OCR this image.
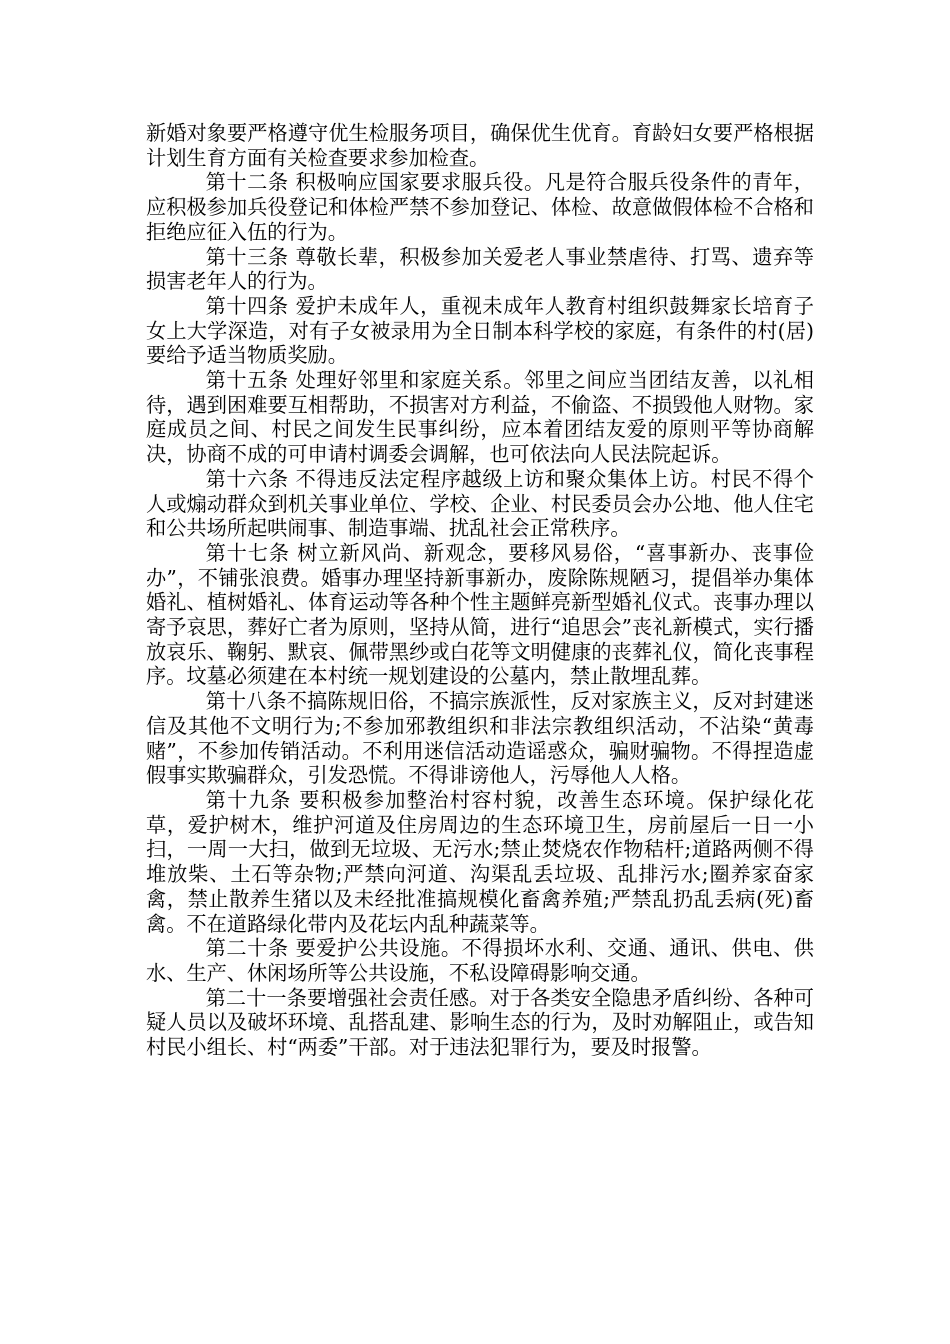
新婚对象要严格遵守优生检服务项目，确保优生优育。育龄妇女要严格根据计划生育方面有关检查要求参加检查。

第十二条 积极响应国家要求服兵役。凡是符合服兵役条件的青年，应积极参加兵役登记和体检严禁不参加登记、体检、故意做假体检不合格和拒绝应征入伍的行为。

第十三条 尊敬长辈，积极参加关爱老人事业禁虐待、打骂、遗弃等损害老年人的行为。

第十四条 爱护未成年人，重视未成年人教育村组织鼓舞家长培育子女上大学深造，对有子女被录用为全日制本科学校的家庭，有条件的村(居)要给予适当物质奖励。

第十五条 处理好邻里和家庭关系。邻里之间应当团结友善，以礼相待，遇到困难要互相帮助，不损害对方利益，不偷盗、不损毁他人财物。家庭成员之间、村民之间发生民事纠纷，应本着团结友爱的原则平等协商解决，协商不成的可申请村调委会调解，也可依法向人民法院起诉。

第十六条 不得违反法定程序越级上访和聚众集体上访。村民不得个人或煽动群众到机关事业单位、学校、企业、村民委员会办公地、他人住宅和公共场所起哄闹事、制造事端、扰乱社会正常秩序。

第十七条 树立新风尚、新观念，要移风易俗，“喜事新办、丧事俭办”，不铺张浪费。婚事办理坚持新事新办，废除陈规陋习，提倡举办集体婚礼、植树婚礼、体育运动等各种个性主题鲜亮新型婚礼仪式。丧事办理以寄予哀思，葬好亡者为原则，坚持从简，进行“追思会”丧礼新模式，实行播放哀乐、鞠躬、默哀、佩带黑纱或白花等文明健康的丧葬礼仪，简化丧事程序。坟墓必须建在本村统一规划建设的公墓内，禁止散埋乱葬。

第十八条不搞陈规旧俗，不搞宗族派性，反对家族主义，反对封建迷信及其他不文明行为;不参加邪教组织和非法宗教组织活动，不沾染“黄毒赌”，不参加传销活动。不利用迷信活动造谣惑众，骗财骗物。不得捏造虚假事实欺骗群众，引发恐慌。不得诽谤他人，污辱他人人格。

第十九条 要积极参加整治村容村貌，改善生态环境。保护绿化花草，爱护树木，维护河道及住房周边的生态环境卫生，房前屋后一日一小扫，一周一大扫，做到无垃圾、无污水;禁止焚烧农作物秸杆;道路两侧不得堆放柴、土石等杂物;严禁向河道、沟渠乱丢垃圾、乱排污水;圈养家奋家禽，禁止散养生猪以及未经批准搞规模化畜禽养殖;严禁乱扔乱丢病(死)畜禽。不在道路绿化带内及花坛内乱种蔬菜等。

第二十条 要爱护公共设施。不得损坏水利、交通、通讯、供电、供水、生产、休闲场所等公共设施，不私设障碍影响交通。

第二十一条要增强社会责任感。对于各类安全隐患矛盾纠纷、各种可疑人员以及破坏环境、乱搭乱建、影响生态的行为，及时劝解阻止，或告知村民小组长、村“两委”干部。对于违法犯罪行为，要及时报警。
